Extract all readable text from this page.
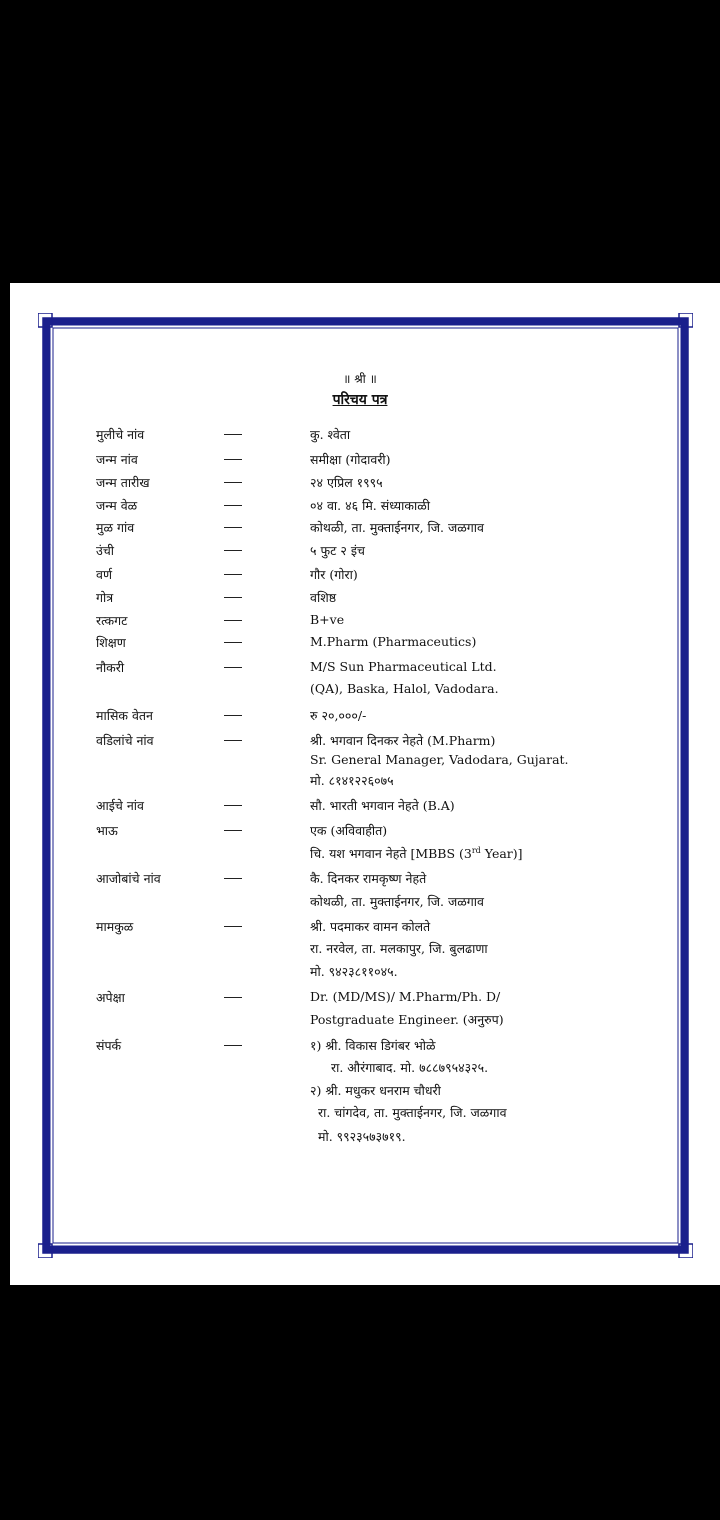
॥ श्री ॥
परिचय पत्र
मुलीचे नांव	कु. श्वेता
जन्म नांव	समीक्षा (गोदावरी)
जन्म तारीख	२४ एप्रिल १९९५
जन्म वेळ	०४ वा. ४६ मि. संध्याकाळी
मुळ गांव	कोथळी, ता. मुक्ताईनगर, जि. जळगाव
उंची	५ फुट २ इंच
वर्ण	गौर (गोरा)
गोत्र	वशिष्ठ
रत्कगट	B+ve
शिक्षण	M.Pharm (Pharmaceutics)
नौकरी	M/S Sun Pharmaceutical Ltd.
(QA), Baska, Halol, Vadodara.
मासिक वेतन	रु २०,०००/-
वडिलांचे नांव	श्री. भगवान दिनकर नेहते (M.Pharm)
Sr. General Manager, Vadodara, Gujarat.
मो. ८१४१२२६०७५
आईचे नांव	सौ. भारती भगवान नेहते (B.A)
भाऊ	एक (अविवाहीत)
चि. यश भगवान नेहते [MBBS (3rd Year)]
आजोबांचे नांव	कै. दिनकर रामकृष्ण नेहते
कोथळी, ता. मुक्ताईनगर, जि. जळगाव
मामकुळ	श्री. पदमाकर वामन कोलते
रा. नरवेल, ता. मलकापुर, जि. बुलढाणा
मो. ९४२३८११०४५.
अपेक्षा	Dr. (MD/MS)/ M.Pharm/Ph. D/
Postgraduate Engineer. (अनुरुप)
संपर्क	१) श्री. विकास डिगंबर भोळे
रा. औरंगाबाद. मो. ७८८७९५४३२५.
२) श्री. मधुकर धनराम चौधरी
रा. चांगदेव, ता. मुक्ताईनगर, जि. जळगाव
मो. ९९२३५७३७१९.
